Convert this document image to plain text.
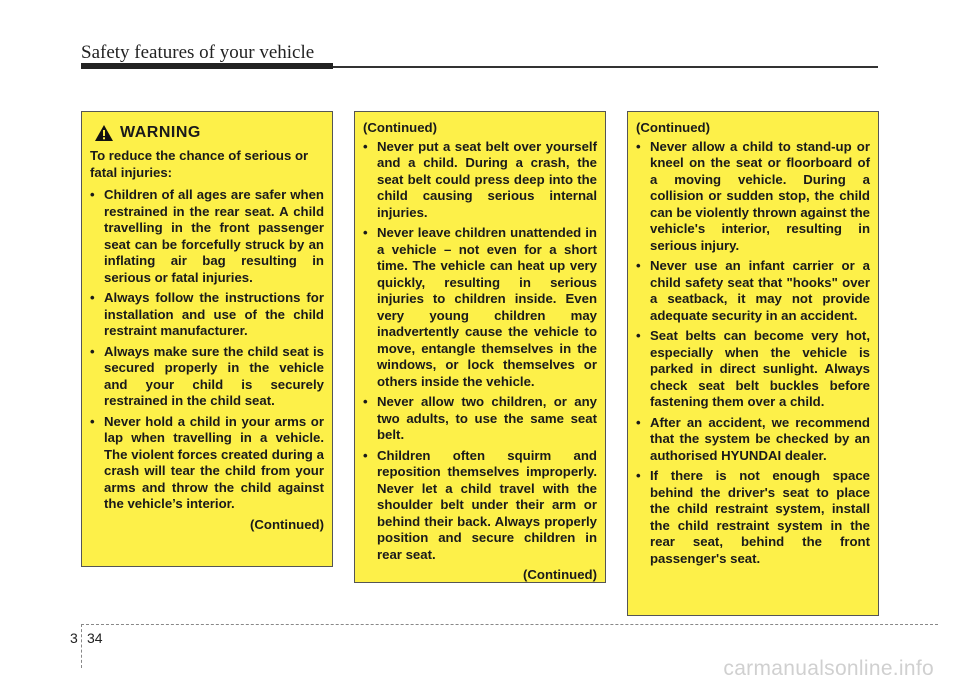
Safety features of your vehicle
WARNING
To reduce the chance of serious or fatal injuries:
• Children of all ages are safer when restrained in the rear seat. A child travelling in the front passenger seat can be forcefully struck by an inflating air bag resulting in serious or fatal injuries.
• Always follow the instructions for installation and use of the child restraint manufacturer.
• Always make sure the child seat is secured properly in the vehicle and your child is securely restrained in the child seat.
• Never hold a child in your arms or lap when travelling in a vehicle. The violent forces created during a crash will tear the child from your arms and throw the child against the vehicle’s interior.
(Continued)
(Continued)
• Never put a seat belt over yourself and a child. During a crash, the seat belt could press deep into the child causing serious internal injuries.
• Never leave children unattended in a vehicle – not even for a short time. The vehicle can heat up very quickly, resulting in serious injuries to children inside. Even very young children may inadvertently cause the vehicle to move, entangle themselves in the windows, or lock themselves or others inside the vehicle.
• Never allow two children, or any two adults, to use the same seat belt.
• Children often squirm and reposition themselves improperly. Never let a child travel with the shoulder belt under their arm or behind their back. Always properly position and secure children in rear seat.
(Continued)
(Continued)
• Never allow a child to stand-up or kneel on the seat or floorboard of a moving vehicle. During a collision or sudden stop, the child can be violently thrown against the vehicle's interior, resulting in serious injury.
• Never use an infant carrier or a child safety seat that "hooks" over a seatback, it may not provide adequate security in an accident.
• Seat belts can become very hot, especially when the vehicle is parked in direct sunlight. Always check seat belt buckles before fastening them over a child.
• After an accident, we recommend that the system be checked by an authorised HYUNDAI dealer.
• If there is not enough space behind the driver's seat to place the child restraint system, install the child restraint system in the rear seat, behind the front passenger's seat.
3 34
carmanualsonline.info
